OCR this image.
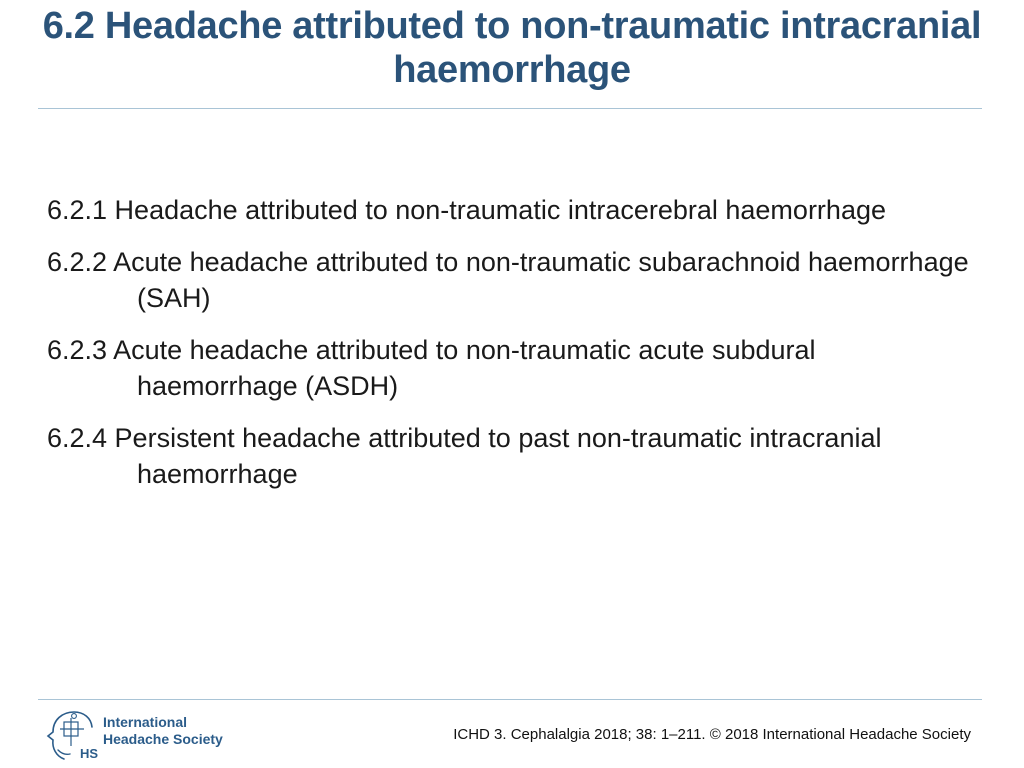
6.2 Headache attributed to non-traumatic intracranial haemorrhage
6.2.1 Headache attributed to non-traumatic intracerebral haemorrhage
6.2.2 Acute headache attributed to non-traumatic subarachnoid haemorrhage (SAH)
6.2.3 Acute headache attributed to non-traumatic acute subdural haemorrhage (ASDH)
6.2.4 Persistent headache attributed to past non-traumatic intracranial haemorrhage
HS
International
Headache Society	ICHD 3. Cephalalgia 2018; 38: 1–211. © 2018 International Headache Society
